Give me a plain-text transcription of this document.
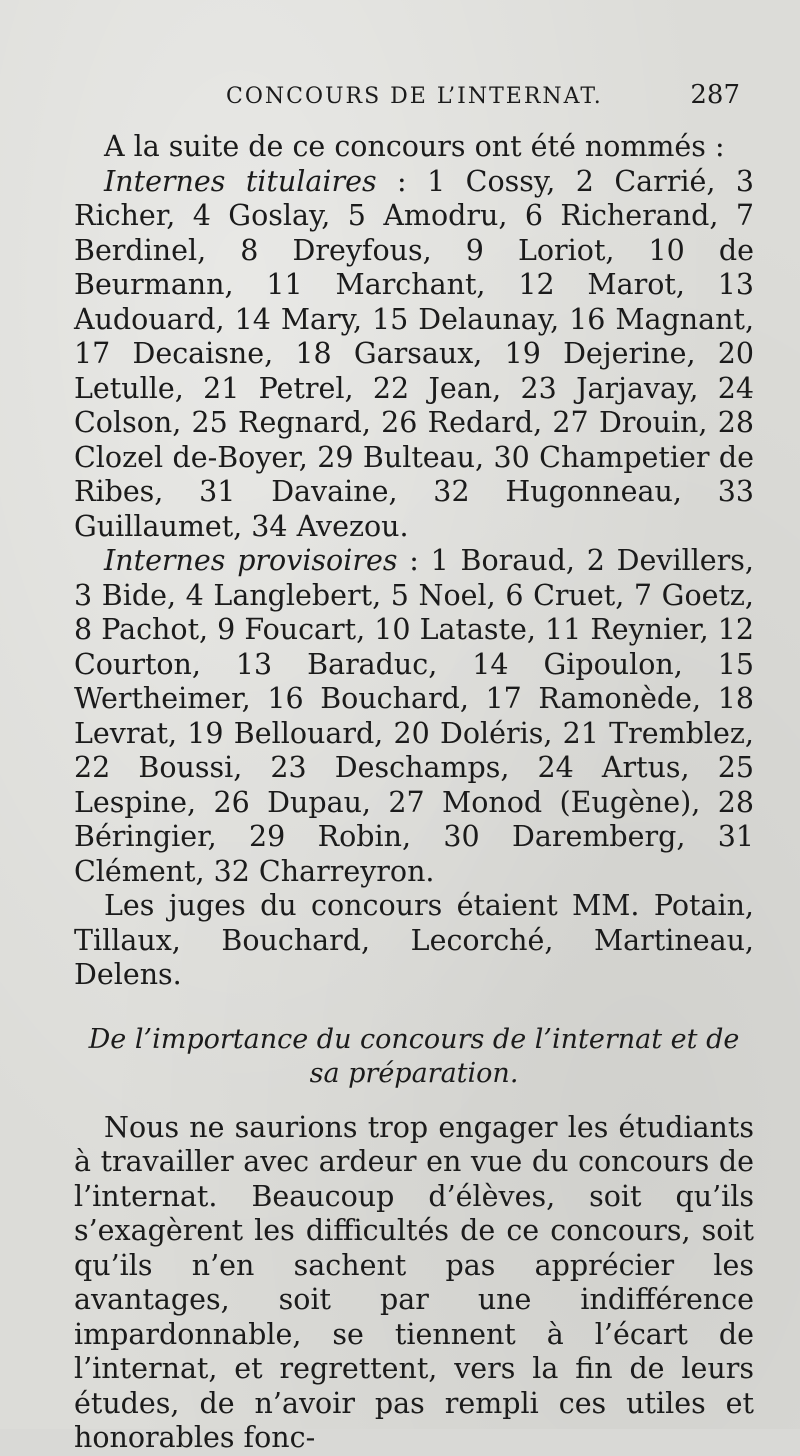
CONCOURS DE L’INTERNAT.	287

A la suite de ce concours ont été nommés :

Internes titulaires : 1 Cossy, 2 Carrié, 3 Richer, 4 Goslay, 5 Amodru, 6 Richerand, 7 Berdinel, 8 Dreyfous, 9 Loriot, 10 de Beurmann, 11 Marchant, 12 Marot, 13 Audouard, 14 Mary, 15 Delaunay, 16 Magnant, 17 Decaisne, 18 Garsaux, 19 Dejerine, 20 Letulle, 21 Petrel, 22 Jean, 23 Jarjavay, 24 Colson, 25 Regnard, 26 Redard, 27 Drouin, 28 Clozel de-Boyer, 29 Bulteau, 30 Champetier de Ribes, 31 Davaine, 32 Hugonneau, 33 Guillaumet, 34 Avezou.

Internes provisoires : 1 Boraud, 2 Devillers, 3 Bide, 4 Langlebert, 5 Noel, 6 Cruet, 7 Goetz, 8 Pachot, 9 Foucart, 10 Lataste, 11 Reynier, 12 Courton, 13 Baraduc, 14 Gipoulon, 15 Wertheimer, 16 Bouchard, 17 Ramonède, 18 Levrat, 19 Bellouard, 20 Doléris, 21 Tremblez, 22 Boussi, 23 Deschamps, 24 Artus, 25 Lespine, 26 Dupau, 27 Monod (Eugène), 28 Béringier, 29 Robin, 30 Daremberg, 31 Clément, 32 Charreyron.

Les juges du concours étaient MM. Potain, Tillaux, Bouchard, Lecorché, Martineau, Delens.

De l’importance du concours de l’internat et de sa préparation.

Nous ne saurions trop engager les étudiants à travailler avec ardeur en vue du concours de l’internat. Beaucoup d’élèves, soit qu’ils s’exagèrent les difficultés de ce concours, soit qu’ils n’en sachent pas apprécier les avantages, soit par une indifférence impardonnable, se tiennent à l’écart de l’internat, et regrettent, vers la fin de leurs études, de n’avoir pas rempli ces utiles et honorables fonc-
